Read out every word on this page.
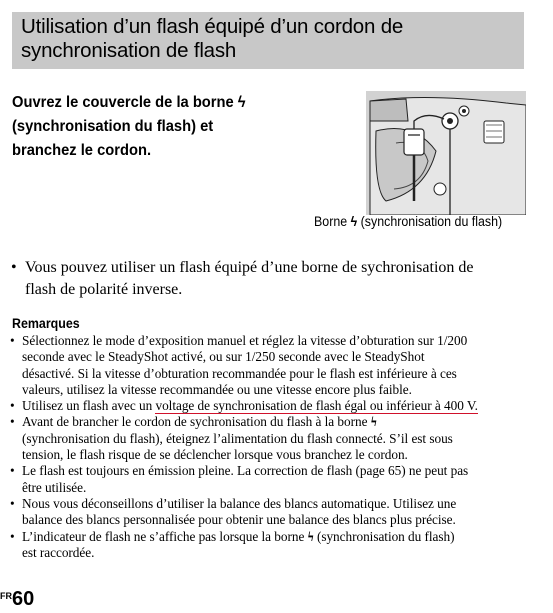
Utilisation d’un flash équipé d’un cordon de
synchronisation de flash
Ouvrez le couvercle de la borne ϟ
(synchronisation du flash) et
branchez le cordon.
Borne ϟ (synchronisation du flash)
• Vous pouvez utiliser un flash équipé d’une borne de sychronisation de
flash de polarité inverse.
Remarques
• Sélectionnez le mode d’exposition manuel et réglez la vitesse d’obturation sur 1/200
seconde avec le SteadyShot activé, ou sur 1/250 seconde avec le SteadyShot
désactivé. Si la vitesse d’obturation recommandée pour le flash est inférieure à ces
valeurs, utilisez la vitesse recommandée ou une vitesse encore plus faible.
• Utilisez un flash avec un voltage de synchronisation de flash égal ou inférieur à 400 V.
• Avant de brancher le cordon de sychronisation du flash à la borne ϟ
(synchronisation du flash), éteignez l’alimentation du flash connecté. S’il est sous
tension, le flash risque de se déclencher lorsque vous branchez le cordon.
• Le flash est toujours en émission pleine. La correction de flash (page 65) ne peut pas
être utilisée.
• Nous vous déconseillons d’utiliser la balance des blancs automatique. Utilisez une
balance des blancs personnalisée pour obtenir une balance des blancs plus précise.
• L’indicateur de flash ne s’affiche pas lorsque la borne ϟ (synchronisation du flash)
est raccordée.
$^{FR}$60
